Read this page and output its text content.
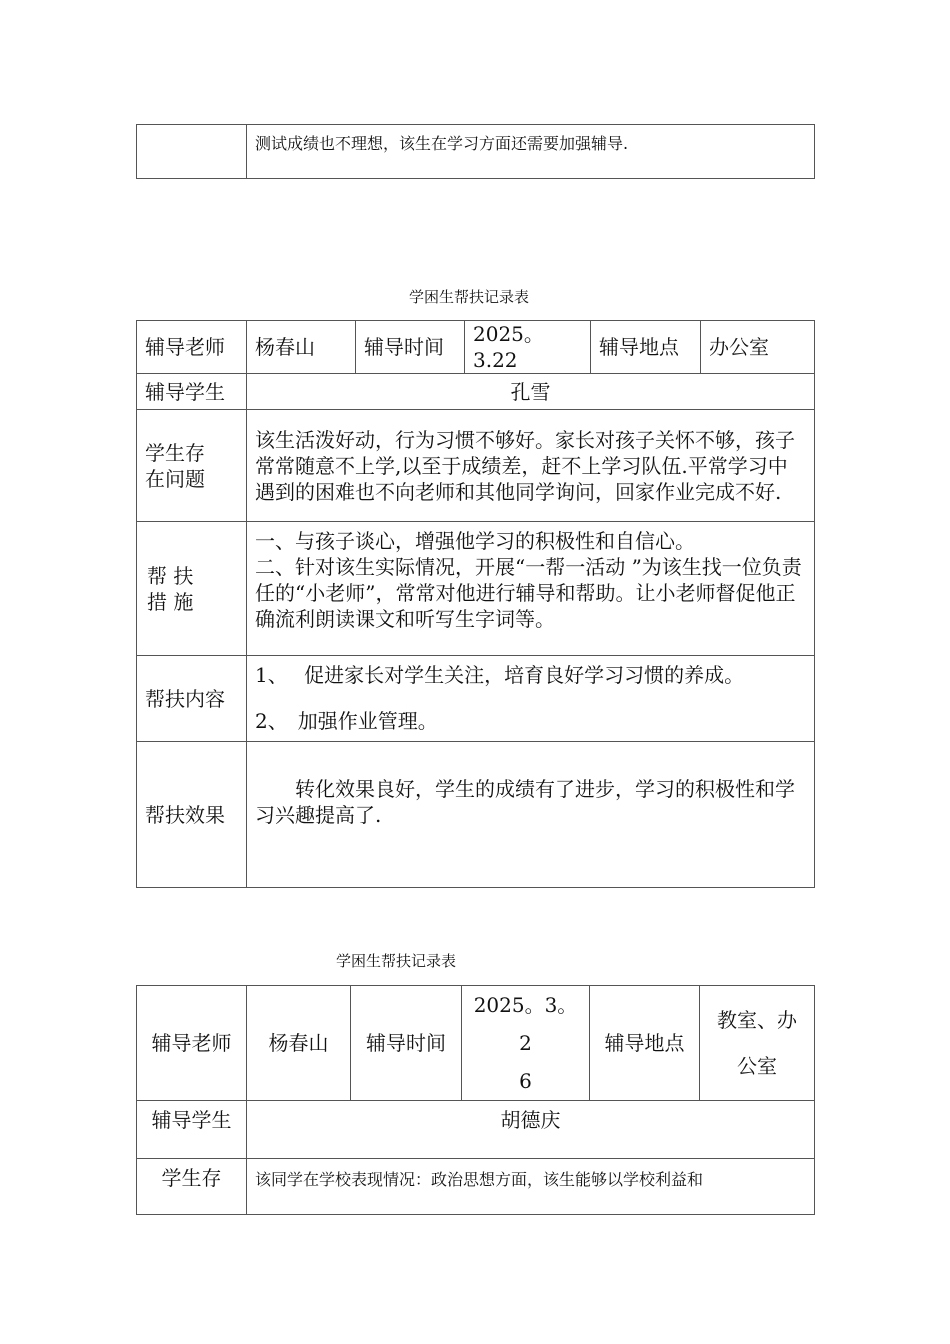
	测试成绩也不理想，该生在学习方面还需要加强辅导.
学困生帮扶记录表
辅导老师	杨春山	辅导时间	2025。3.22	辅导地点	办公室
辅导学生	孔雪				
学生存
在问题	该生活泼好动，行为习惯不够好。家长对孩子关怀不够，孩子常常随意不上学,以至于成绩差，赶不上学习队伍.平常学习中遇到的困难也不向老师和其他同学询问，回家作业完成不好.				
帮 扶
措 施	一、与孩子谈心，增强他学习的积极性和自信心。
二、针对该生实际情况，开展“一帮一活动 ”为该生找一位负责任的“小老师”，常常对他进行辅导和帮助。让小老师督促他正确流利朗读课文和听写生字词等。				
帮扶内容	1、　 促进家长对学生关注，培育良好学习习惯的养成。
2、　加强作业管理。				

帮扶效果	　　转化效果良好，学生的成绩有了进步，学习的积极性和学习兴趣提高了.				
学困生帮扶记录表
辅导老师	杨春山	辅导时间	2025。3。2
6	辅导地点	教室、办
公室
辅导学生	胡德庆				
学生存	该同学在学校表现情况：政治思想方面，该生能够以学校利益和				
